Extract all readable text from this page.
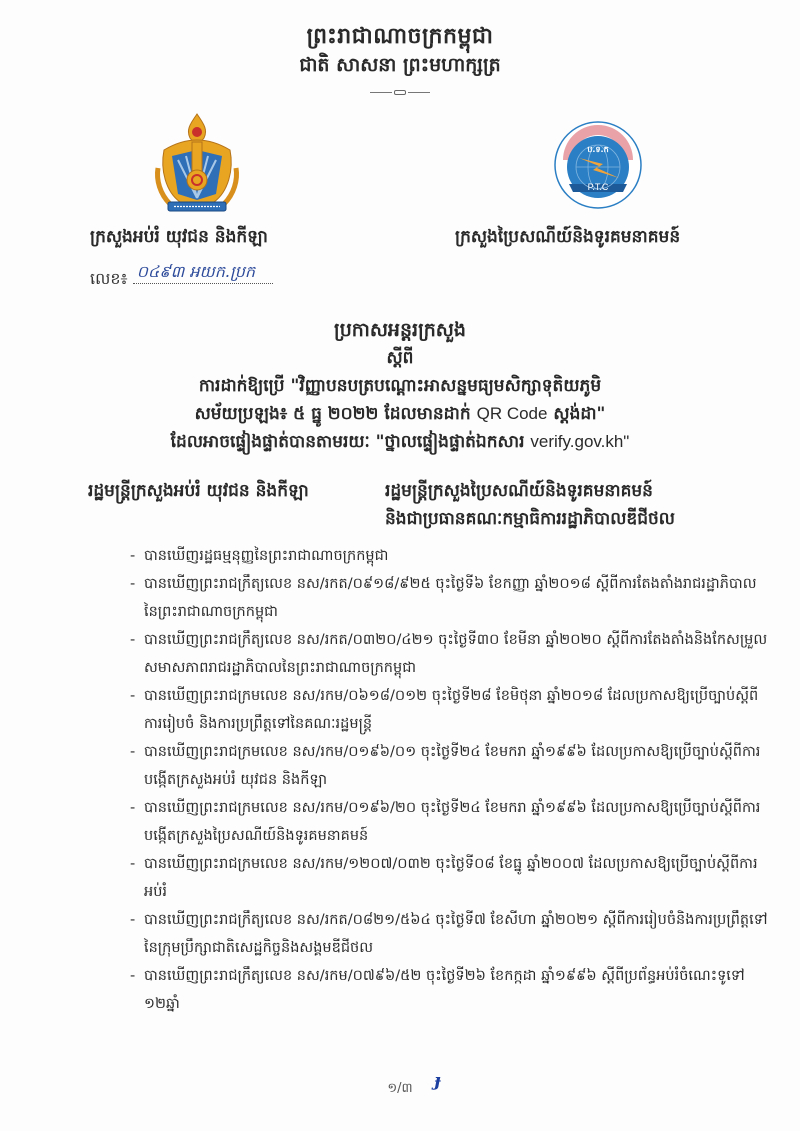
ព្រះរាជាណាចក្រកម្ពុជា
ជាតិ សាសនា ព្រះមហាក្សត្រ
ប.ទ.ក
P.T.C
ក្រសួងអប់រំ យុវជន និងកីឡា	ក្រសួងប្រៃសណីយ៍និងទូរគមនាគមន៍
លេខ៖ ០៤៩៣ អយក.ប្រក
ប្រកាសអន្តរក្រសួង
ស្តីពី
ការដាក់ឱ្យប្រើ "វិញ្ញាបនបត្របណ្តោះអាសន្នមធ្យមសិក្សាទុតិយភូមិ
សម័យប្រឡង៖ ៥ ធ្នូ ២០២២ ដែលមានដាក់ QR Code ស្តង់ដា"
ដែលអាចផ្ទៀងផ្ទាត់បានតាមរយៈ "ថ្នាលផ្ទៀងផ្ទាត់ឯកសារ verify.gov.kh"
រដ្ឋមន្ត្រីក្រសួងអប់រំ យុវជន និងកីឡា	រដ្ឋមន្ត្រីក្រសួងប្រៃសណីយ៍និងទូរគមនាគមន៍
និងជាប្រធានគណៈកម្មាធិការរដ្ឋាភិបាលឌីជីថល
- បានឃើញរដ្ឋធម្មនុញ្ញនៃព្រះរាជាណាចក្រកម្ពុជា
- បានឃើញព្រះរាជក្រឹត្យលេខ នស/រកត/០៩១៨/៩២៥ ចុះថ្ងៃទី៦ ខែកញ្ញា ឆ្នាំ២០១៨ ស្តីពីការតែងតាំងរាជរដ្ឋាភិបាលនៃព្រះរាជាណាចក្រកម្ពុជា
- បានឃើញព្រះរាជក្រឹត្យលេខ នស/រកត/០៣២០/៤២១ ចុះថ្ងៃទី៣០ ខែមីនា ឆ្នាំ២០២០ ស្តីពីការតែងតាំងនិងកែសម្រួលសមាសភាពរាជរដ្ឋាភិបាលនៃព្រះរាជាណាចក្រកម្ពុជា
- បានឃើញព្រះរាជក្រមលេខ នស/រកម/០៦១៨/០១២ ចុះថ្ងៃទី២៨ ខែមិថុនា ឆ្នាំ២០១៨ ដែលប្រកាសឱ្យប្រើច្បាប់ស្តីពីការរៀបចំ និងការប្រព្រឹត្តទៅនៃគណៈរដ្ឋមន្ត្រី
- បានឃើញព្រះរាជក្រមលេខ នស/រកម/០១៩៦/០១ ចុះថ្ងៃទី២៤ ខែមករា ឆ្នាំ១៩៩៦ ដែលប្រកាសឱ្យប្រើច្បាប់ស្តីពីការបង្កើតក្រសួងអប់រំ យុវជន និងកីឡា
- បានឃើញព្រះរាជក្រមលេខ នស/រកម/០១៩៦/២០ ចុះថ្ងៃទី២៤ ខែមករា ឆ្នាំ១៩៩៦ ដែលប្រកាសឱ្យប្រើច្បាប់ស្តីពីការបង្កើតក្រសួងប្រៃសណីយ៍និងទូរគមនាគមន៍
- បានឃើញព្រះរាជក្រមលេខ នស/រកម/១២០៧/០៣២ ចុះថ្ងៃទី០៨ ខែធ្នូ ឆ្នាំ២០០៧ ដែលប្រកាសឱ្យប្រើច្បាប់ស្តីពីការអប់រំ
- បានឃើញព្រះរាជក្រឹត្យលេខ នស/រកត/០៨២១/៥៦៤ ចុះថ្ងៃទី៧ ខែសីហា ឆ្នាំ២០២១ ស្តីពីការរៀបចំនិងការប្រព្រឹត្តទៅនៃក្រុមប្រឹក្សាជាតិសេដ្ឋកិច្ចនិងសង្គមឌីជីថល
- បានឃើញព្រះរាជក្រឹត្យលេខ នស/រកម/០៧៩៦/៥២ ចុះថ្ងៃទី២៦ ខែកក្កដា ឆ្នាំ១៩៩៦ ស្តីពីប្រព័ន្ធអប់រំចំណេះទូទៅ ១២ឆ្នាំ
១/៣	ɟ
